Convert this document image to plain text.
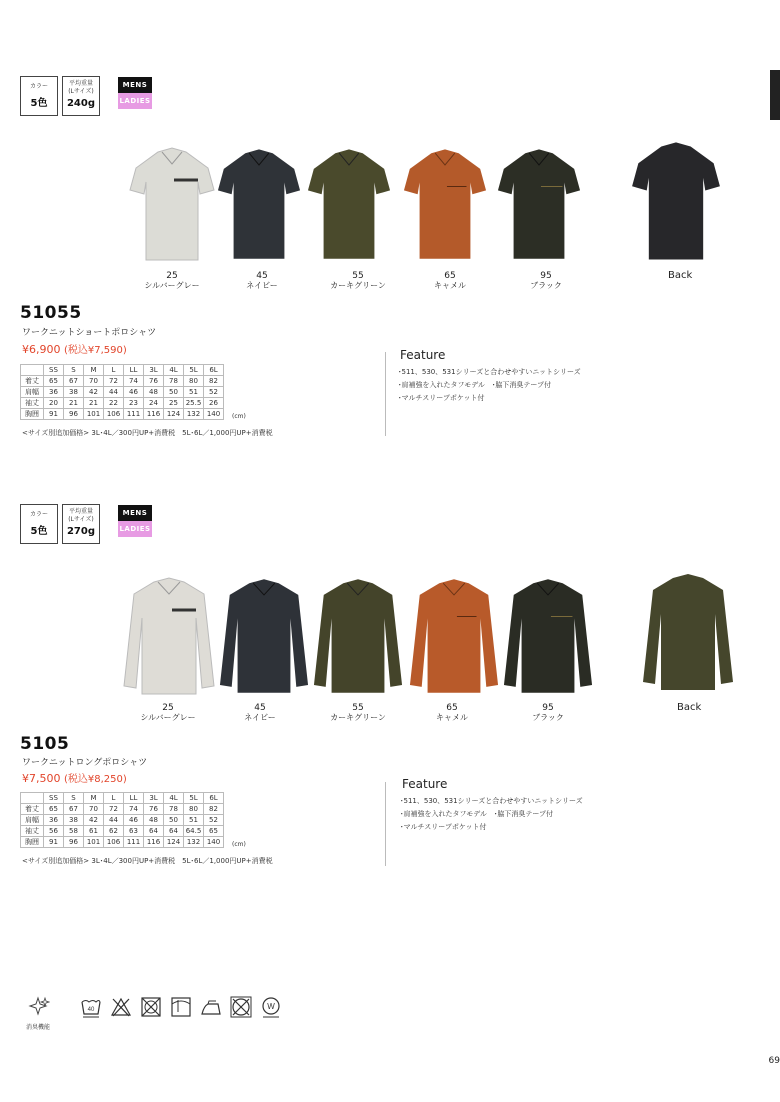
カラー
5色
平均重量
(Lサイズ)
240g
MENS
LADIES
25
シルバーグレー
45
ネイビー
55
カーキグリーン
65
キャメル
95
ブラック
Back
51055
ワークニットショートポロシャツ
¥6,900 (税込¥7,590)
	SS	S	M	L	LL	3L	4L	5L	6L
着丈	65	67	70	72	74	76	78	80	82
肩幅	36	38	42	44	46	48	50	51	52
袖丈	20	21	21	22	23	24	25	25.5	26
胸囲	91	96	101	106	111	116	124	132	140 (cm)
<サイズ別追加価格> 3L･4L／300円UP+消費税　5L･6L／1,000円UP+消費税
Feature
･511、530、531シリーズと合わせやすいニットシリーズ
･肩補強を入れたタフモデル　･脇下消臭テープ付
･マルチスリーブポケット付
カラー
5色
平均重量
(Lサイズ)
270g
MENS
LADIES
25
シルバーグレー
45
ネイビー
55
カーキグリーン
65
キャメル
95
ブラック
Back
5105
ワークニットロングポロシャツ
¥7,500 (税込¥8,250)
	SS	S	M	L	LL	3L	4L	5L	6L
着丈	65	67	70	72	74	76	78	80	82
肩幅	36	38	42	44	46	48	50	51	52
袖丈	56	58	61	62	63	64	64	64.5	65
胸囲	91	96	101	106	111	116	124	132	140 (cm)
<サイズ別追加価格> 3L･4L／300円UP+消費税　5L･6L／1,000円UP+消費税
Feature
･511、530、531シリーズと合わせやすいニットシリーズ
･肩補強を入れたタフモデル　･脇下消臭テープ付
･マルチスリーブポケット付
消臭機能
40	W
69
